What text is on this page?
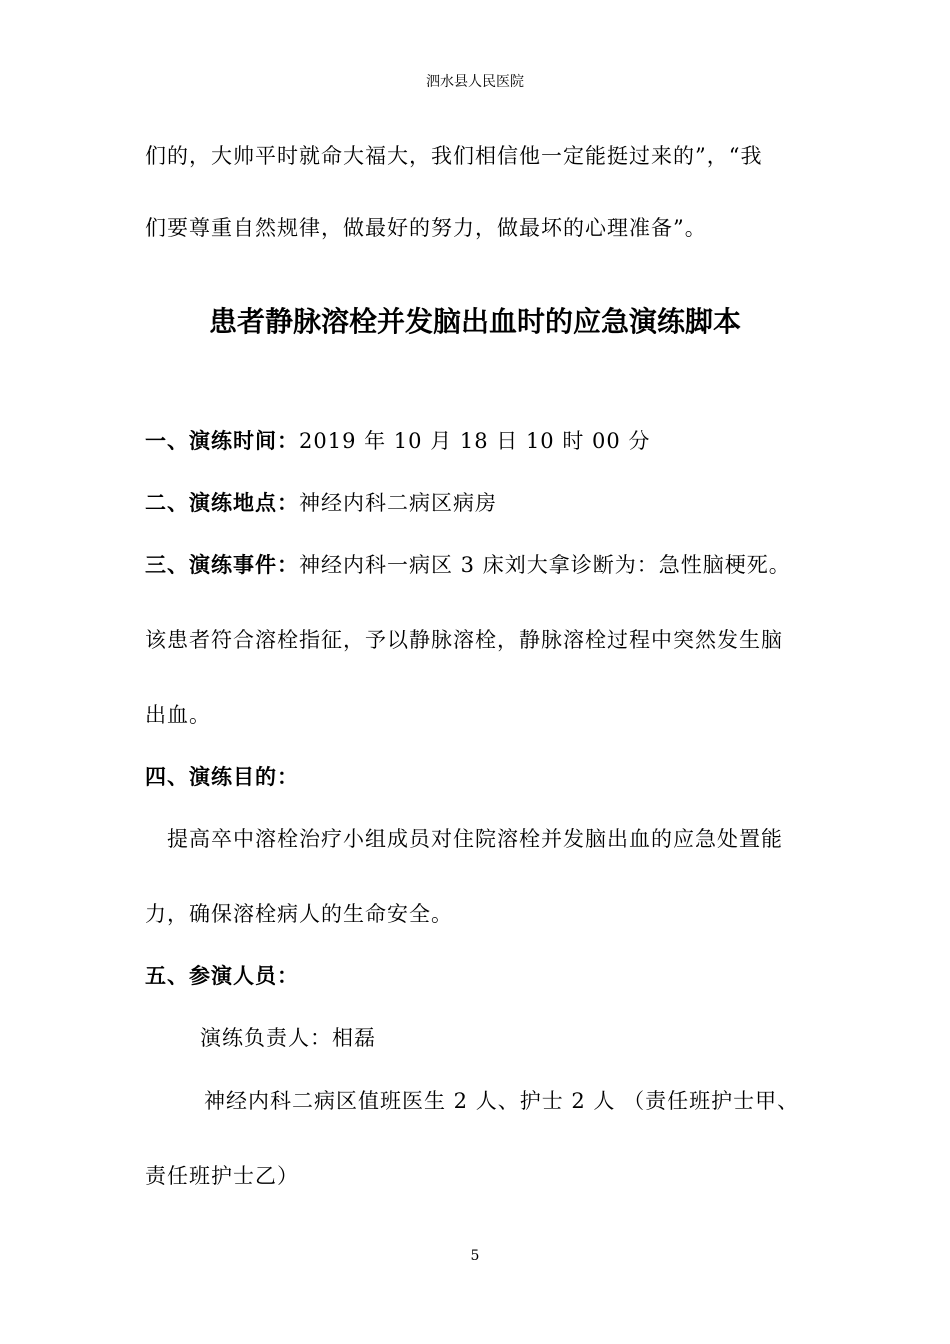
泗水县人民医院
们的，大帅平时就命大福大，我们相信他一定能挺过来的”，“我
们要尊重自然规律，做最好的努力，做最坏的心理准备”。
患者静脉溶栓并发脑出血时的应急演练脚本
一、演练时间：2019 年 10 月 18 日 10 时 00 分
二、演练地点：神经内科二病区病房
三、演练事件：神经内科一病区 3 床刘大拿诊断为：急性脑梗死。
该患者符合溶栓指征，予以静脉溶栓，静脉溶栓过程中突然发生脑
出血。
四、演练目的：
提高卒中溶栓治疗小组成员对住院溶栓并发脑出血的应急处置能
力，确保溶栓病人的生命安全。
五、参演人员：
演练负责人：相磊
神经内科二病区值班医生 2 人、护士 2 人 （责任班护士甲、
责任班护士乙）
5
